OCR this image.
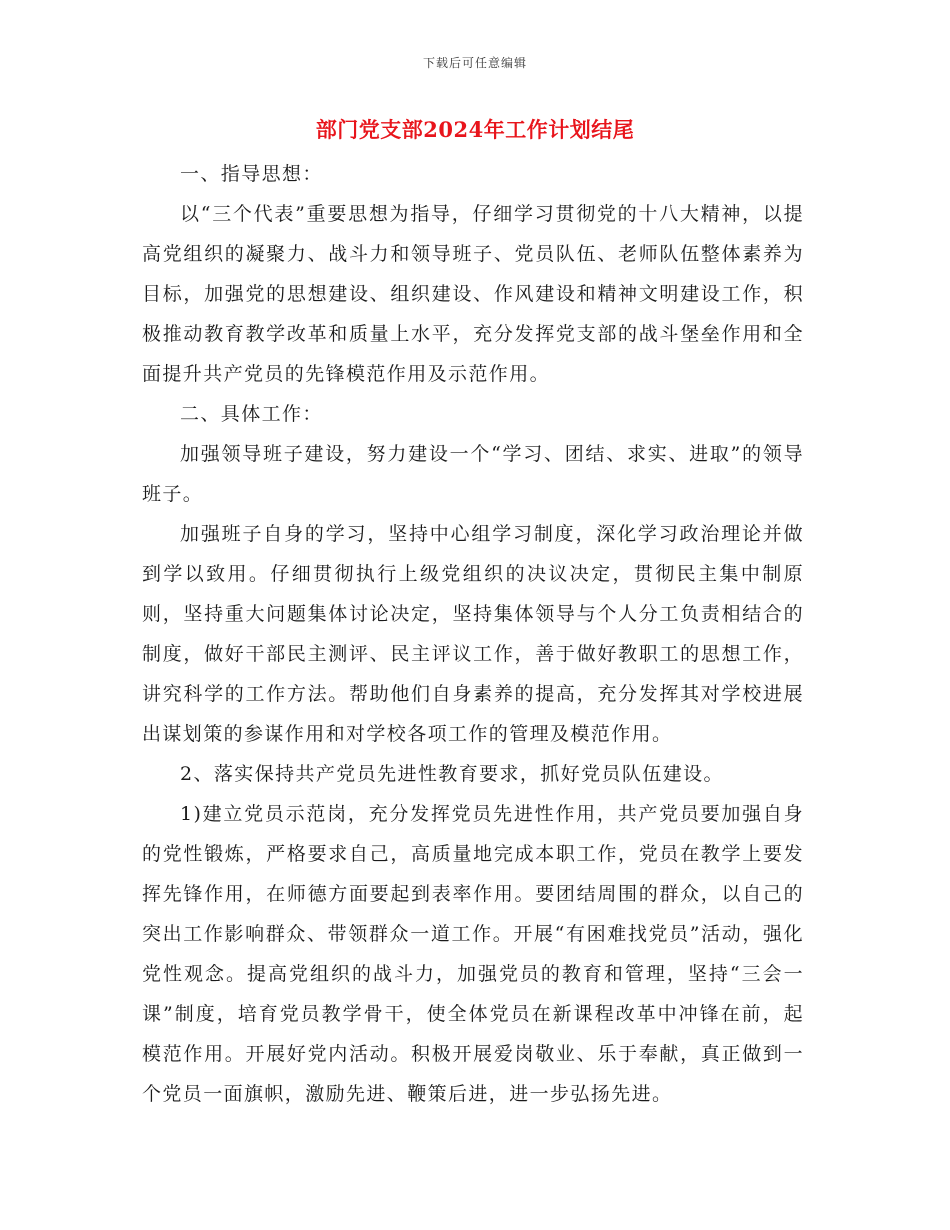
下载后可任意编辑
部门党支部2024年工作计划结尾

一、指导思想：

以“三个代表”重要思想为指导，仔细学习贯彻党的十八大精神，以提高党组织的凝聚力、战斗力和领导班子、党员队伍、老师队伍整体素养为目标，加强党的思想建设、组织建设、作风建设和精神文明建设工作，积极推动教育教学改革和质量上水平，充分发挥党支部的战斗堡垒作用和全面提升共产党员的先锋模范作用及示范作用。

二、具体工作：

加强领导班子建设，努力建设一个“学习、团结、求实、进取”的领导班子。

加强班子自身的学习，坚持中心组学习制度，深化学习政治理论并做到学以致用。仔细贯彻执行上级党组织的决议决定，贯彻民主集中制原则，坚持重大问题集体讨论决定，坚持集体领导与个人分工负责相结合的制度，做好干部民主测评、民主评议工作，善于做好教职工的思想工作，讲究科学的工作方法。帮助他们自身素养的提高，充分发挥其对学校进展出谋划策的参谋作用和对学校各项工作的管理及模范作用。

2、落实保持共产党员先进性教育要求，抓好党员队伍建设。

1)建立党员示范岗，充分发挥党员先进性作用，共产党员要加强自身的党性锻炼，严格要求自己，高质量地完成本职工作，党员在教学上要发挥先锋作用，在师德方面要起到表率作用。要团结周围的群众，以自己的突出工作影响群众、带领群众一道工作。开展“有困难找党员”活动，强化党性观念。提高党组织的战斗力，加强党员的教育和管理，坚持“三会一课”制度，培育党员教学骨干，使全体党员在新课程改革中冲锋在前，起模范作用。开展好党内活动。积极开展爱岗敬业、乐于奉献，真正做到一个党员一面旗帜，激励先进、鞭策后进，进一步弘扬先进。
